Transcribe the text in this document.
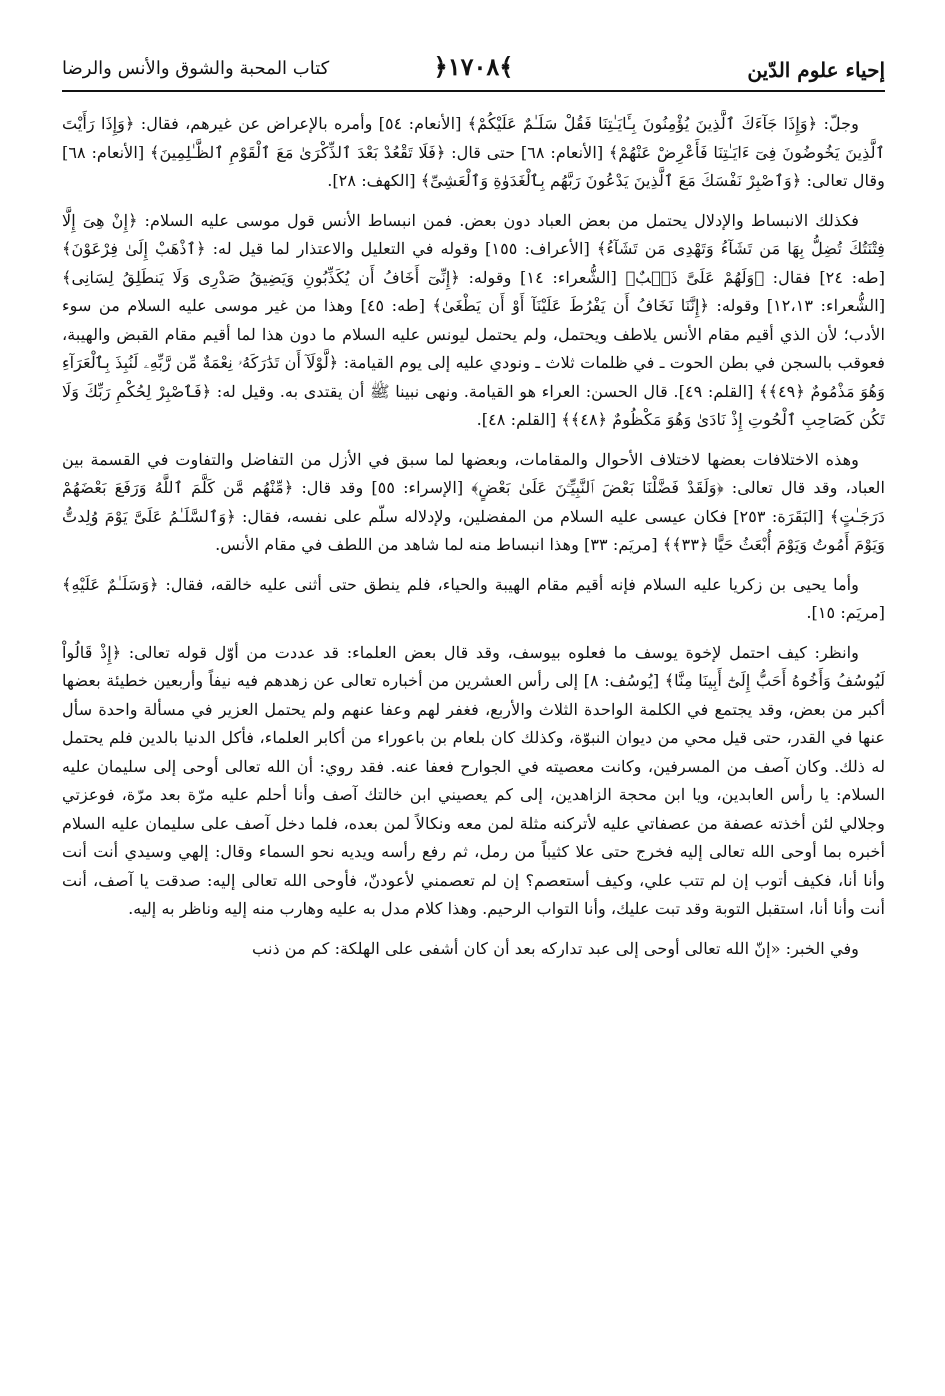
إحياء علوم الدّين
﴿١٧٠٨﴾
كتاب المحبة والشوق والأنس والرضا

وجلّ: ﴿وَإِذَا جَآءَكَ ٱلَّذِينَ يُؤْمِنُونَ بِـَٔايَـٰتِنَا فَقُلْ سَلَـٰمٌ عَلَيْكُمْ﴾ [الأنعام: ٥٤] وأمره بالإعراض عن غيرهم، فقال: ﴿وَإِذَا رَأَيْتَ ٱلَّذِينَ يَخُوضُونَ فِىٓ ءَايَـٰتِنَا فَأَعْرِضْ عَنْهُمْ﴾ [الأنعام: ٦٨] حتى قال: ﴿فَلَا تَقْعُدْ بَعْدَ ٱلذِّكْرَىٰ مَعَ ٱلْقَوْمِ ٱلظَّـٰلِمِينَ﴾ [الأنعام: ٦٨] وقال تعالى: ﴿وَٱصْبِرْ نَفْسَكَ مَعَ ٱلَّذِينَ يَدْعُونَ رَبَّهُم بِٱلْغَدَوٰةِ وَٱلْعَشِىِّ﴾ [الكهف: ٢٨].

فكذلك الانبساط والإدلال يحتمل من بعض العباد دون بعض. فمن انبساط الأنس قول موسى عليه السلام: ﴿إِنْ هِىَ إِلَّا فِتْنَتُكَ تُضِلُّ بِهَا مَن تَشَآءُ وَتَهْدِى مَن تَشَآءُ﴾ [الأعراف: ١٥٥] وقوله في التعليل والاعتذار لما قيل له: ﴿ٱذْهَبْ إِلَىٰ فِرْعَوْنَ﴾ [طه: ٢٤] فقال: ﴿وَلَهُمْ عَلَىَّ ذَنۢبٌ﴾ [الشُّعراء: ١٤] وقوله: ﴿إِنِّىٓ أَخَافُ أَن يُكَذِّبُونِ وَيَضِيقُ صَدْرِى وَلَا يَنطَلِقُ لِسَانِى﴾ [الشُّعراء: ١٢،١٣] وقوله: ﴿إِنَّنَا نَخَافُ أَن يَفْرُطَ عَلَيْنَآ أَوْ أَن يَطْغَىٰ﴾ [طه: ٤٥] وهذا من غير موسى عليه السلام من سوء الأدب؛ لأن الذي أقيم مقام الأنس يلاطف ويحتمل، ولم يحتمل ليونس عليه السلام ما دون هذا لما أقيم مقام القبض والهيبة، فعوقب بالسجن في بطن الحوت ـ في ظلمات ثلاث ـ ونودي عليه إلى يوم القيامة: ﴿لَّوْلَآ أَن تَدَٰرَكَهُۥ نِعْمَةٌ مِّن رَّبِّهِۦ لَنُبِذَ بِٱلْعَرَآءِ وَهُوَ مَذْمُومٌ ﴿٤٩﴾﴾ [القلم: ٤٩]. قال الحسن: العراء هو القيامة. ونهى نبينا ﷺ أن يقتدى به. وقيل له: ﴿فَٱصْبِرْ لِحُكْمِ رَبِّكَ وَلَا تَكُن كَصَاحِبِ ٱلْحُوتِ إِذْ نَادَىٰ وَهُوَ مَكْظُومٌ ﴿٤٨﴾﴾ [القلم: ٤٨].

وهذه الاختلافات بعضها لاختلاف الأحوال والمقامات، وبعضها لما سبق في الأزل من التفاضل والتفاوت في القسمة بين العباد، وقد قال تعالى: ﴿وَلَقَدْ فَضَّلْنَا بَعْضَ ٱلنَّبِيِّـۧنَ عَلَىٰ بَعْضٍ﴾ [الإسراء: ٥٥] وقد قال: ﴿مِّنْهُم مَّن كَلَّمَ ٱللَّهُ وَرَفَعَ بَعْضَهُمْ دَرَجَـٰتٍ﴾ [البَقَرَة: ٢٥٣] فكان عيسى عليه السلام من المفضلين، ولإدلاله سلّم على نفسه، فقال: ﴿وَٱلسَّلَـٰمُ عَلَىَّ يَوْمَ وُلِدتُّ وَيَوْمَ أَمُوتُ وَيَوْمَ أُبْعَثُ حَيًّا ﴿٣٣﴾﴾ [مريَم: ٣٣] وهذا انبساط منه لما شاهد من اللطف في مقام الأنس.

وأما يحيى بن زكريا عليه السلام فإنه أقيم مقام الهيبة والحياء، فلم ينطق حتى أثنى عليه خالقه، فقال: ﴿وَسَلَـٰمٌ عَلَيْهِ﴾ [مريَم: ١٥].

وانظر: كيف احتمل لإخوة يوسف ما فعلوه بيوسف، وقد قال بعض العلماء: قد عددت من أوّل قوله تعالى: ﴿إِذْ قَالُواْ لَيُوسُفُ وَأَخُوهُ أَحَبُّ إِلَىٰٓ أَبِينَا مِنَّا﴾ [يُوسُف: ٨] إلى رأس العشرين من أخباره تعالى عن زهدهم فيه نيفاً وأربعين خطيئة بعضها أكبر من بعض، وقد يجتمع في الكلمة الواحدة الثلاث والأربع، فغفر لهم وعفا عنهم ولم يحتمل العزير في مسألة واحدة سأل عنها في القدر، حتى قيل محي من ديوان النبوّة، وكذلك كان بلعام بن باعوراء من أكابر العلماء، فأكل الدنيا بالدين فلم يحتمل له ذلك. وكان آصف من المسرفين، وكانت معصيته في الجوارح فعفا عنه. فقد روي: أن الله تعالى أوحى إلى سليمان عليه السلام: يا رأس العابدين، ويا ابن محجة الزاهدين، إلى كم يعصيني ابن خالتك آصف وأنا أحلم عليه مرّة بعد مرّة، فوعزتي وجلالي لئن أخذته عصفة من عصفاتي عليه لأتركنه مثلة لمن معه ونكالاً لمن بعده، فلما دخل آصف على سليمان عليه السلام أخبره بما أوحى الله تعالى إليه فخرج حتى علا كثيباً من رمل، ثم رفع رأسه ويديه نحو السماء وقال: إلهي وسيدي أنت أنت وأنا أنا، فكيف أتوب إن لم تتب علي، وكيف أستعصم؟ إن لم تعصمني لأعودنّ، فأوحى الله تعالى إليه: صدقت يا آصف، أنت أنت وأنا أنا، استقبل التوبة وقد تبت عليك، وأنا التواب الرحيم. وهذا كلام مدل به عليه وهارب منه إليه وناظر به إليه.

وفي الخبر: «إنّ الله تعالى أوحى إلى عبد تداركه بعد أن كان أشفى على الهلكة: كم من ذنب
